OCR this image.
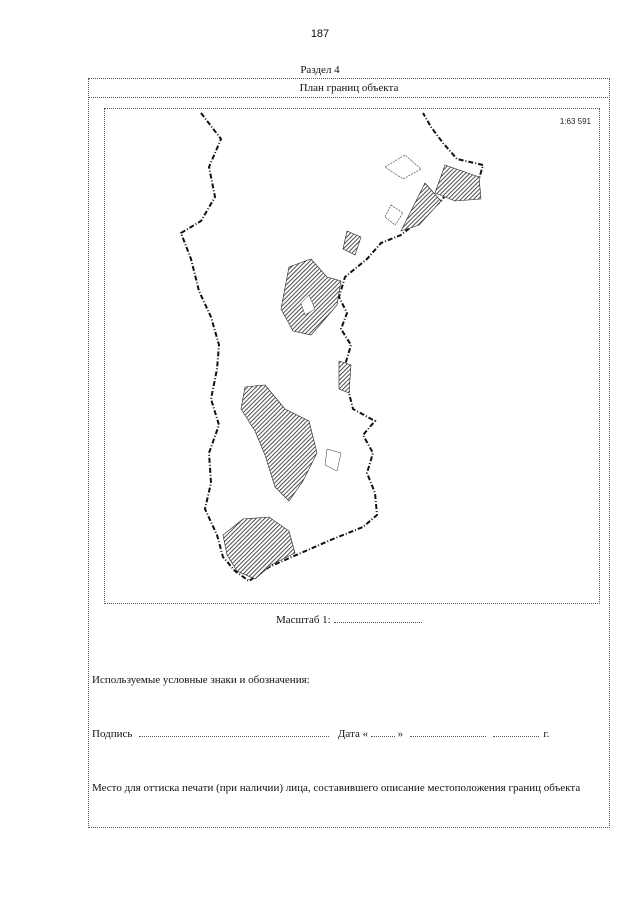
187
Раздел 4
План границ объекта
1:63 591
Масштаб 1:
Используемые условные знаки и обозначения:
Подпись	Дата «	»	г.
Место для оттиска печати (при наличии) лица, составившего описание местоположения границ объекта
